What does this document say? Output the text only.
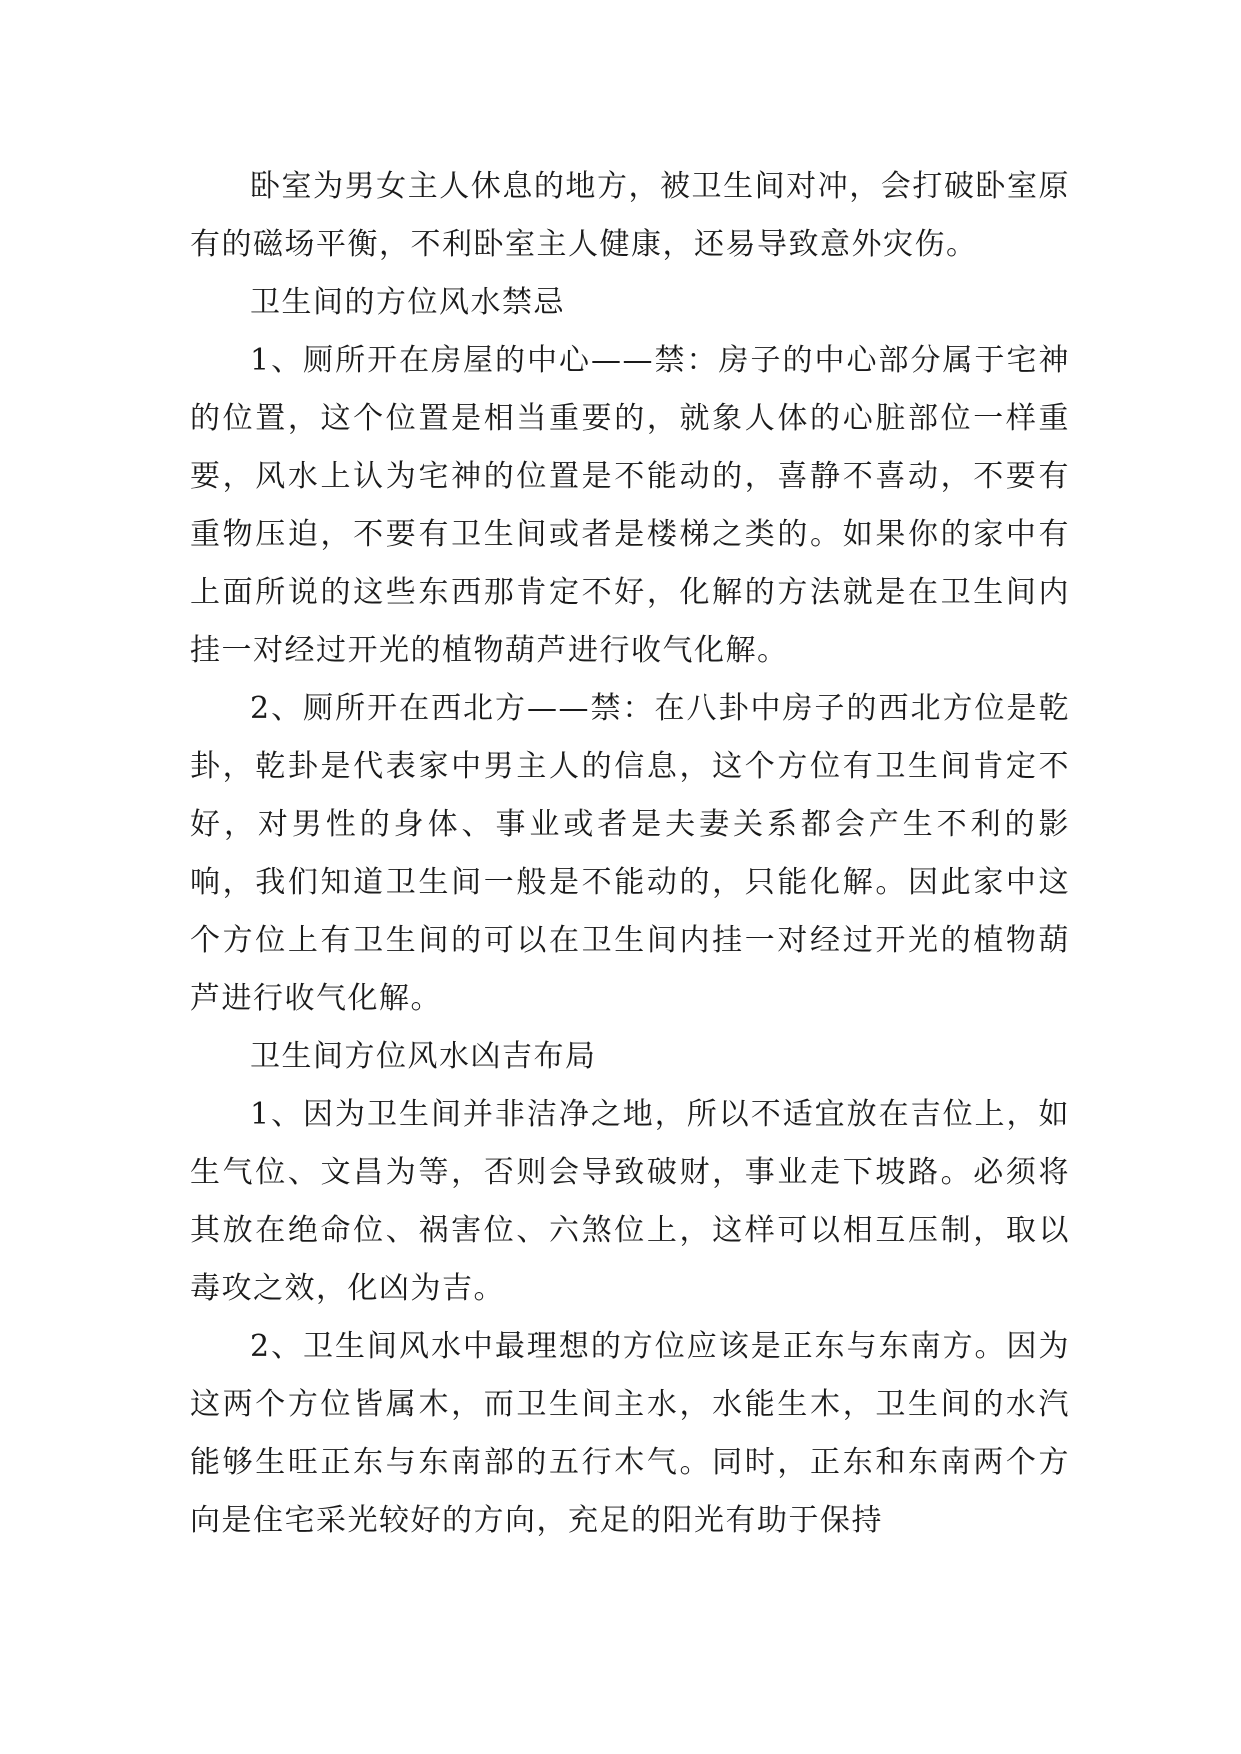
卧室为男女主人休息的地方，被卫生间对冲，会打破卧室原有的磁场平衡，不利卧室主人健康，还易导致意外灾伤。

卫生间的方位风水禁忌

1、厕所开在房屋的中心——禁：房子的中心部分属于宅神的位置，这个位置是相当重要的，就象人体的心脏部位一样重要，风水上认为宅神的位置是不能动的，喜静不喜动，不要有重物压迫，不要有卫生间或者是楼梯之类的。如果你的家中有上面所说的这些东西那肯定不好，化解的方法就是在卫生间内挂一对经过开光的植物葫芦进行收气化解。

2、厕所开在西北方——禁：在八卦中房子的西北方位是乾卦，乾卦是代表家中男主人的信息，这个方位有卫生间肯定不好，对男性的身体、事业或者是夫妻关系都会产生不利的影响，我们知道卫生间一般是不能动的，只能化解。因此家中这个方位上有卫生间的可以在卫生间内挂一对经过开光的植物葫芦进行收气化解。

卫生间方位风水凶吉布局

1、因为卫生间并非洁净之地，所以不适宜放在吉位上，如生气位、文昌为等，否则会导致破财，事业走下坡路。必须将其放在绝命位、祸害位、六煞位上，这样可以相互压制，取以毒攻之效，化凶为吉。

2、卫生间风水中最理想的方位应该是正东与东南方。因为这两个方位皆属木，而卫生间主水，水能生木，卫生间的水汽能够生旺正东与东南部的五行木气。同时，正东和东南两个方向是住宅采光较好的方向，充足的阳光有助于保持
